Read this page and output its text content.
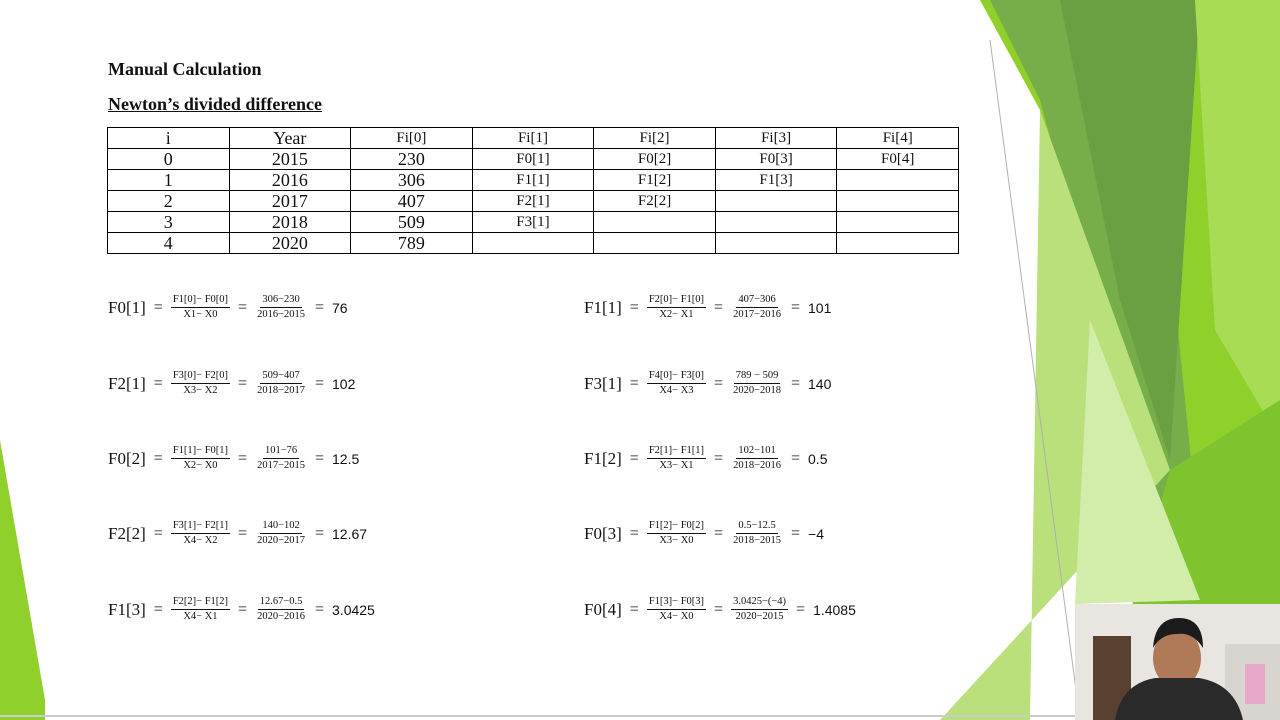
Manual Calculation
Newton’s divided difference
i	Year	Fi[0]	Fi[1]	Fi[2]	Fi[3]	Fi[4]
0	2015	230	F0[1]	F0[2]	F0[3]	F0[4]
1	2016	306	F1[1]	F1[2]	F1[3]	
2	2017	407	F2[1]	F2[2]		
3	2018	509	F3[1]			
4	2020	789				
$F0[1] = \frac{F1[0]- F0[0]}{X1- X0} = \frac{306-230}{2016-2015} = 76$	$F1[1] = \frac{F2[0]- F1[0]}{X2- X1} = \frac{407-306}{2017-2016} = 101$
$F2[1] = \frac{F3[0]- F2[0]}{X3- X2} = \frac{509-407}{2018-2017} = 102$	$F3[1] = \frac{F4[0]- F3[0]}{X4- X3} = \frac{789 - 509}{2020-2018} = 140$
$F0[2] = \frac{F1[1]- F0[1]}{X2- X0} = \frac{101-76}{2017-2015} = 12.5$	$F1[2] = \frac{F2[1]- F1[1]}{X3- X1} = \frac{102-101}{2018-2016} = 0.5$
$F2[2] = \frac{F3[1]- F2[1]}{X4- X2} = \frac{140-102}{2020-2017} = 12.67$	$F0[3] = \frac{F1[2]- F0[2]}{X3- X0} = \frac{0.5-12.5}{2018-2015} = -4$
$F1[3] = \frac{F2[2]- F1[2]}{X4- X1} = \frac{12.67-0.5}{2020-2016} = 3.0425$	$F0[4] = \frac{F1[3]- F0[3]}{X4- X0} = \frac{3.0425-(-4)}{2020-2015} = 1.4085$
